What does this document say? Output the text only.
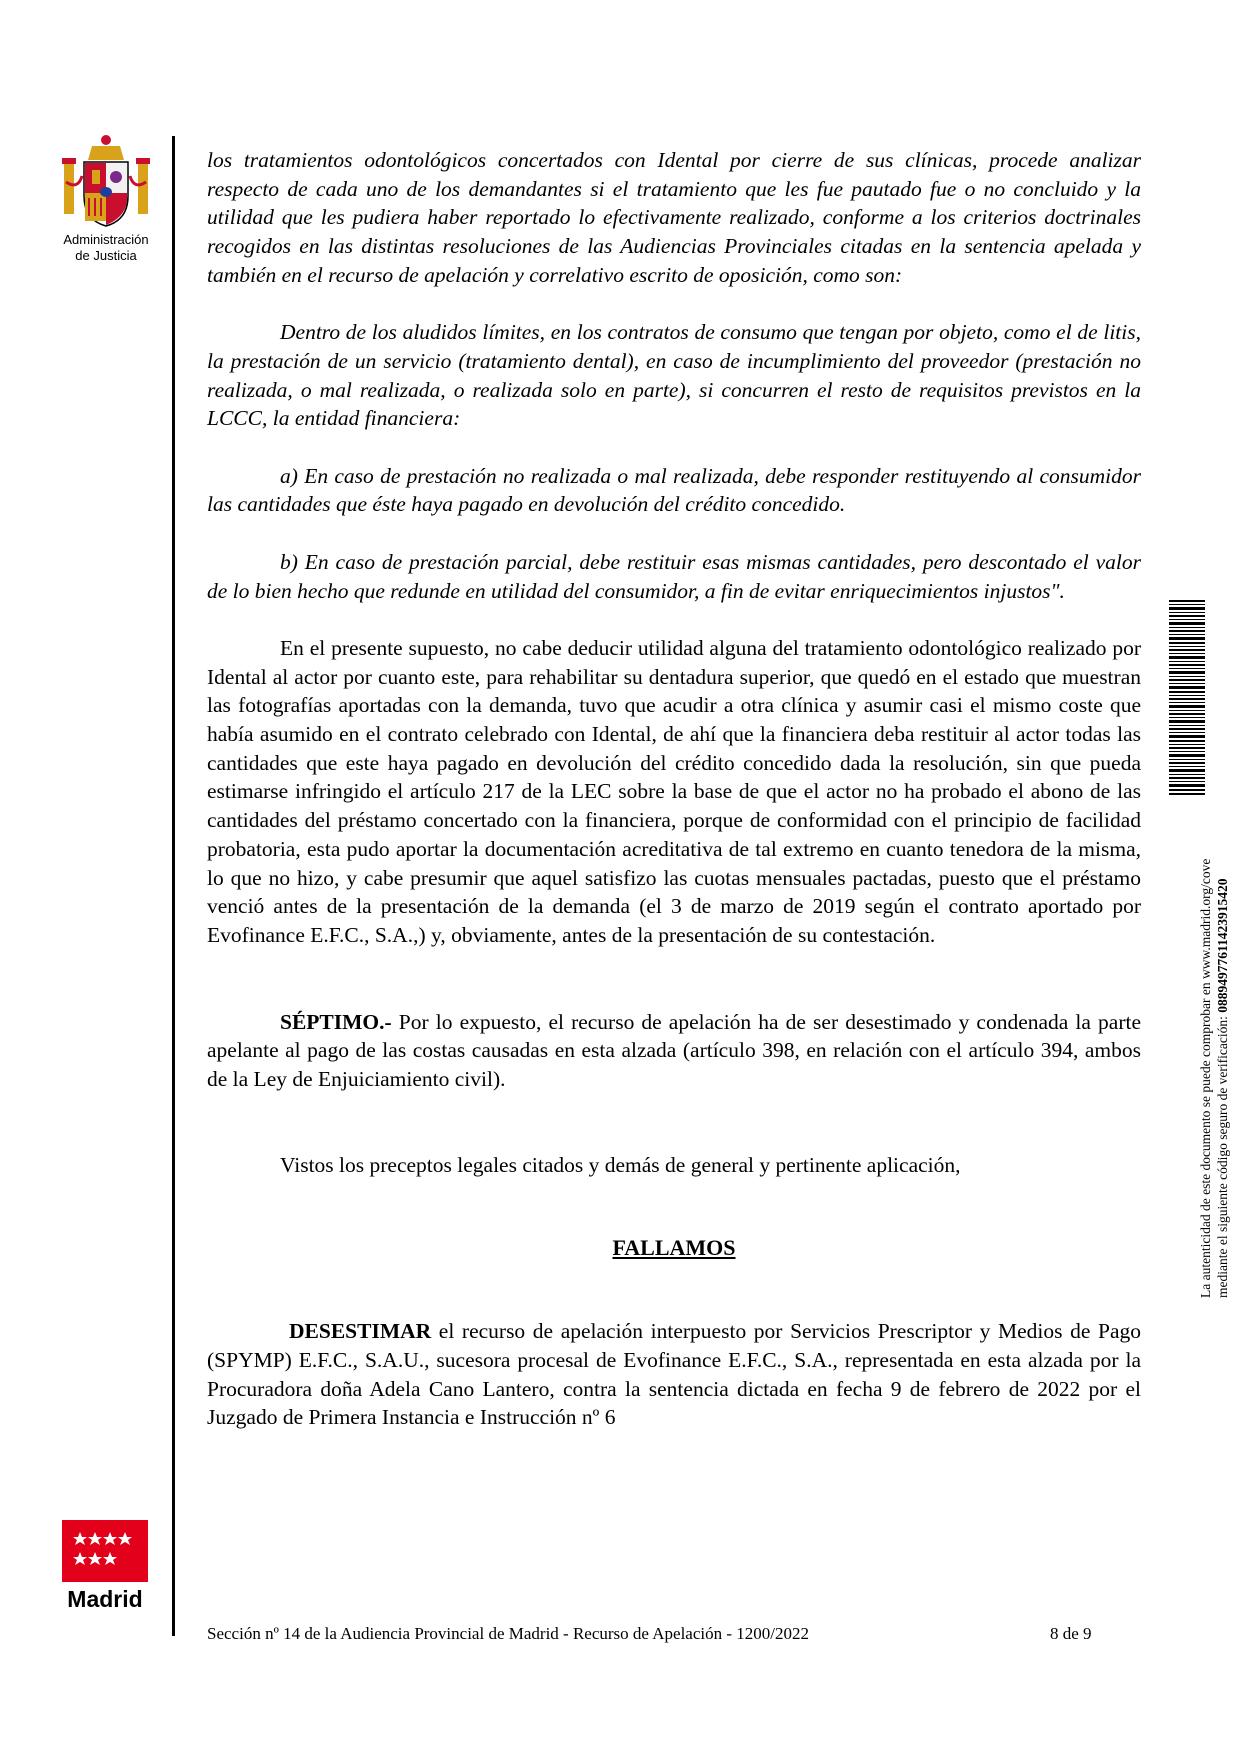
Administración
de Justicia
Madrid

los tratamientos odontológicos concertados con Idental por cierre de sus clínicas, procede analizar respecto de cada uno de los demandantes si el tratamiento que les fue pautado fue o no concluido y la utilidad que les pudiera haber reportado lo efectivamente realizado, conforme a los criterios doctrinales recogidos en las distintas resoluciones de las Audiencias Provinciales citadas en la sentencia apelada y también en el recurso de apelación y correlativo escrito de oposición, como son:

Dentro de los aludidos límites, en los contratos de consumo que tengan por objeto, como el de litis, la prestación de un servicio (tratamiento dental), en caso de incumplimiento del proveedor (prestación no realizada, o mal realizada, o realizada solo en parte), si concurren el resto de requisitos previstos en la LCCC, la entidad financiera:

a) En caso de prestación no realizada o mal realizada, debe responder restituyendo al consumidor las cantidades que éste haya pagado en devolución del crédito concedido.

b) En caso de prestación parcial, debe restituir esas mismas cantidades, pero descontado el valor de lo bien hecho que redunde en utilidad del consumidor, a fin de evitar enriquecimientos injustos".

En el presente supuesto, no cabe deducir utilidad alguna del tratamiento odontológico realizado por Idental al actor por cuanto este, para rehabilitar su dentadura superior, que quedó en el estado que muestran las fotografías aportadas con la demanda, tuvo que acudir a otra clínica y asumir casi el mismo coste que había asumido en el contrato celebrado con Idental, de ahí que la financiera deba restituir al actor todas las cantidades que este haya pagado en devolución del crédito concedido dada la resolución, sin que pueda estimarse infringido el artículo 217 de la LEC sobre la base de que el actor no ha probado el abono de las cantidades del préstamo concertado con la financiera, porque de conformidad con el principio de facilidad probatoria, esta pudo aportar la documentación acreditativa de tal extremo en cuanto tenedora de la misma, lo que no hizo, y cabe presumir que aquel satisfizo las cuotas mensuales pactadas, puesto que el préstamo venció antes de la presentación de la demanda (el 3 de marzo de 2019 según el contrato aportado por Evofinance E.F.C., S.A.,) y, obviamente, antes de la presentación de su contestación.

SÉPTIMO.- Por lo expuesto, el recurso de apelación ha de ser desestimado y condenada la parte apelante al pago de las costas causadas en esta alzada (artículo 398, en relación con el artículo 394, ambos de la Ley de Enjuiciamiento civil).

Vistos los preceptos legales citados y demás de general y pertinente aplicación,

FALLAMOS

DESESTIMAR el recurso de apelación interpuesto por Servicios Prescriptor y Medios de Pago (SPYMP) E.F.C., S.A.U., sucesora procesal de Evofinance E.F.C., S.A., representada en esta alzada por la Procuradora doña Adela Cano Lantero, contra la sentencia dictada en fecha 9 de febrero de 2022 por el Juzgado de Primera Instancia e Instrucción nº 6

Sección nº 14 de la Audiencia Provincial de Madrid - Recurso de Apelación - 1200/2022	8 de 9
La autenticidad de este documento se puede comprobar en www.madrid.org/cove mediante el siguiente código seguro de verificación: 0889497761142391542​0
